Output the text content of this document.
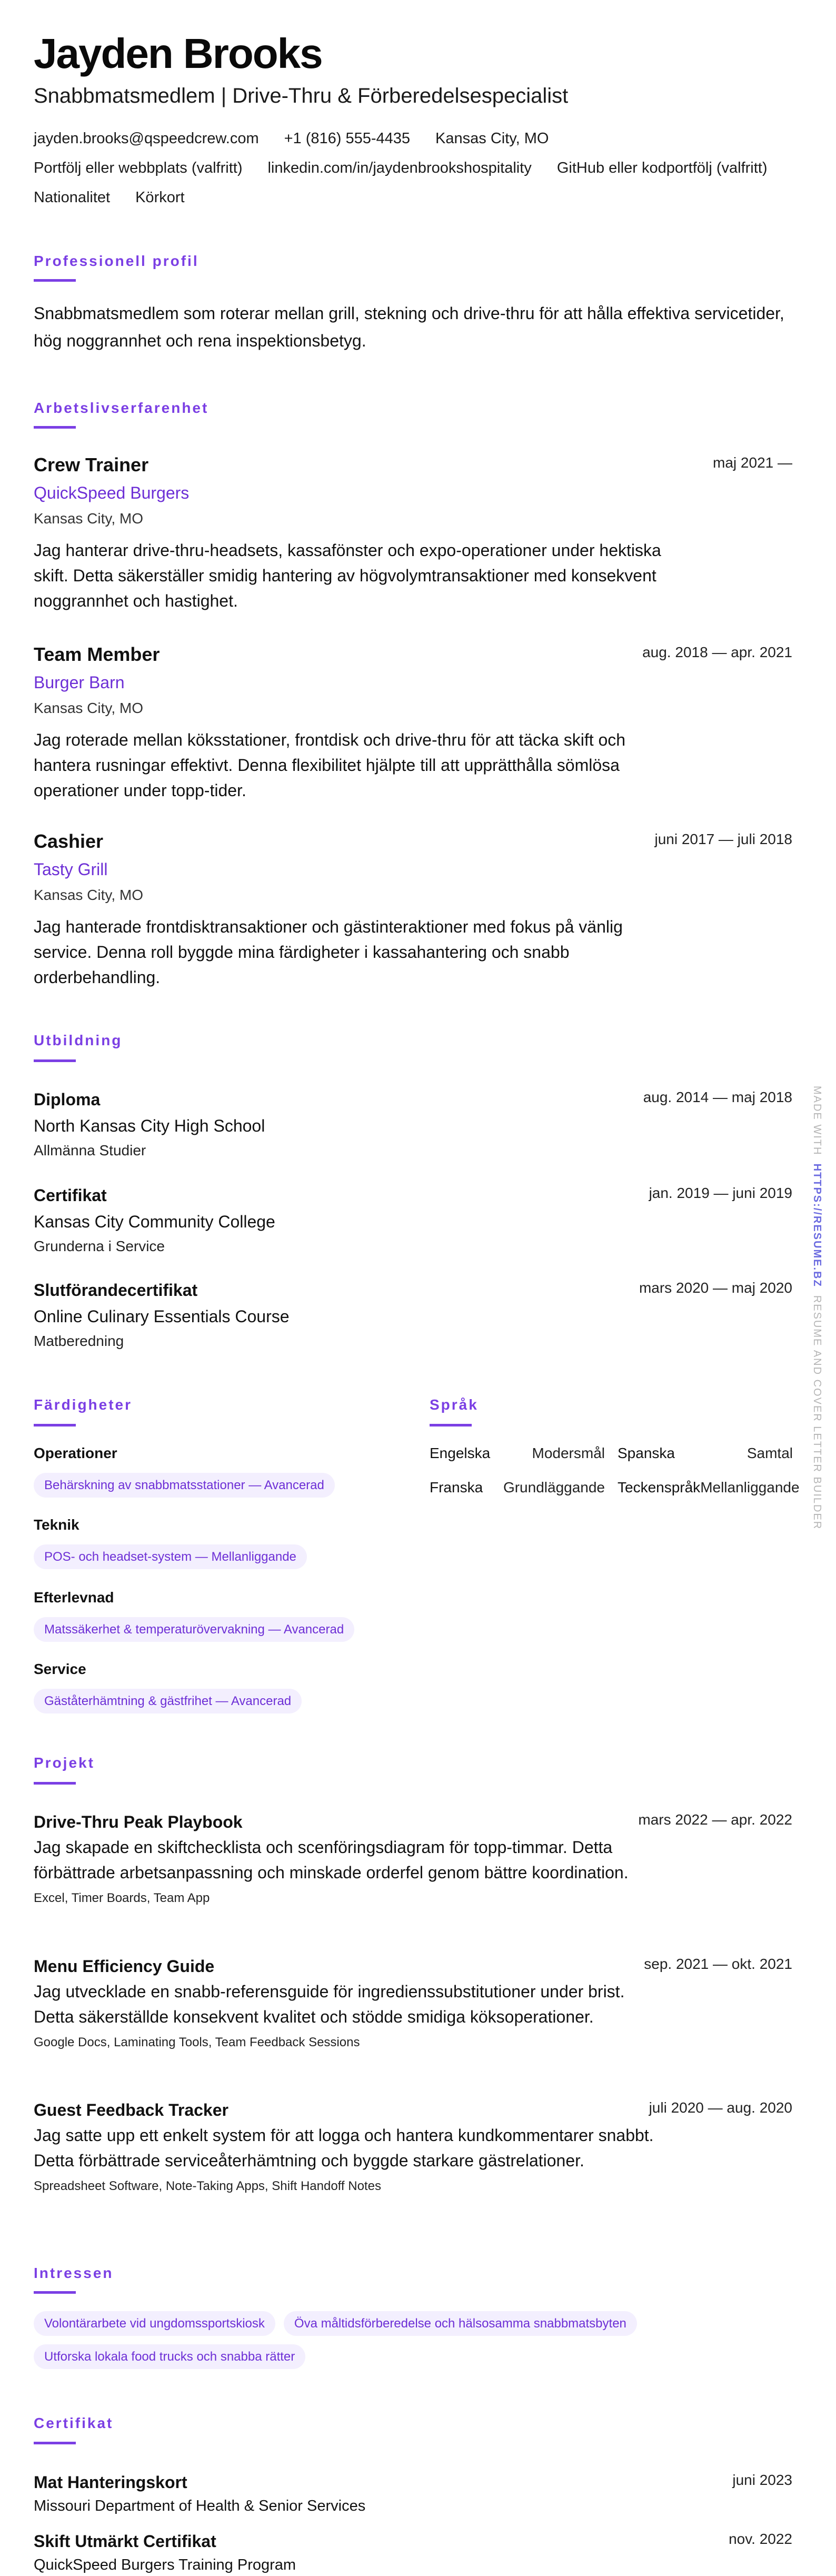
Jayden Brooks
Snabbmatsmedlem | Drive-Thru & Förberedelsespecialist
jayden.brooks@qspeedcrew.com +1 (816) 555-4435 Kansas City, MO
Portfölj eller webbplats (valfritt) linkedin.com/in/jaydenbrookshospitality GitHub eller kodportfölj (valfritt)
Nationalitet Körkort
Professionell profil
Snabbmatsmedlem som roterar mellan grill, stekning och drive-thru för att hålla effektiva servicetider, hög noggrannhet och rena inspektionsbetyg.
Arbetslivserfarenhet
Crew Trainer
QuickSpeed Burgers
Kansas City, MO
Jag hanterar drive-thru-headsets, kassafönster och expo-operationer under hektiska skift. Detta säkerställer smidig hantering av högvolymtransaktioner med konsekvent noggrannhet och hastighet.
maj 2021 —
Team Member
Burger Barn
Kansas City, MO
Jag roterade mellan köksstationer, frontdisk och drive-thru för att täcka skift och hantera rusningar effektivt. Denna flexibilitet hjälpte till att upprätthålla sömlösa operationer under topp-tider.
aug. 2018 — apr. 2021
Cashier
Tasty Grill
Kansas City, MO
Jag hanterade frontdisktransaktioner och gästinteraktioner med fokus på vänlig service. Denna roll byggde mina färdigheter i kassahantering och snabb orderbehandling.
juni 2017 — juli 2018
Utbildning
Diploma
North Kansas City High School
Allmänna Studier
aug. 2014 — maj 2018
Certifikat
Kansas City Community College
Grunderna i Service
jan. 2019 — juni 2019
Slutförandecertifikat
Online Culinary Essentials Course
Matberedning
mars 2020 — maj 2020
Färdigheter
Operationer
Behärskning av snabbmatsstationer — Avancerad
Teknik
POS- och headset-system — Mellanliggande
Efterlevnad
Matssäkerhet & temperaturövervakning — Avancerad
Service
Gäståterhämtning & gästfrihet — Avancerad
Språk
Engelska	Modersmål Spanska	Samtal
Franska Grundläggande Teckenspråk Mellanliggande
Projekt
Drive-Thru Peak Playbook
Jag skapade en skiftchecklista och scenföringsdiagram för topp-timmar. Detta förbättrade arbetsanpassning och minskade orderfel genom bättre koordination.
Excel, Timer Boards, Team App
mars 2022 — apr. 2022
Menu Efficiency Guide
Jag utvecklade en snabb-referensguide för ingredienssubstitutioner under brist. Detta säkerställde konsekvent kvalitet och stödde smidiga köksoperationer.
Google Docs, Laminating Tools, Team Feedback Sessions
sep. 2021 — okt. 2021
Guest Feedback Tracker
Jag satte upp ett enkelt system för att logga och hantera kundkommentarer snabbt. Detta förbättrade serviceåterhämtning och byggde starkare gästrelationer.
Spreadsheet Software, Note-Taking Apps, Shift Handoff Notes
juli 2020 — aug. 2020
Intressen
Volontärarbete vid ungdomssportskiosk	Öva måltidsförberedelse och hälsosamma snabbmatsbyten
Utforska lokala food trucks och snabba rätter
Certifikat
Mat Hanteringskort
Missouri Department of Health & Senior Services
juni 2023
Skift Utmärkt Certifikat
QuickSpeed Burgers Training Program
nov. 2022
MADE WITH  HTTPS://RESUME.BZ  RESUME AND COVER LETTER BUILDER
